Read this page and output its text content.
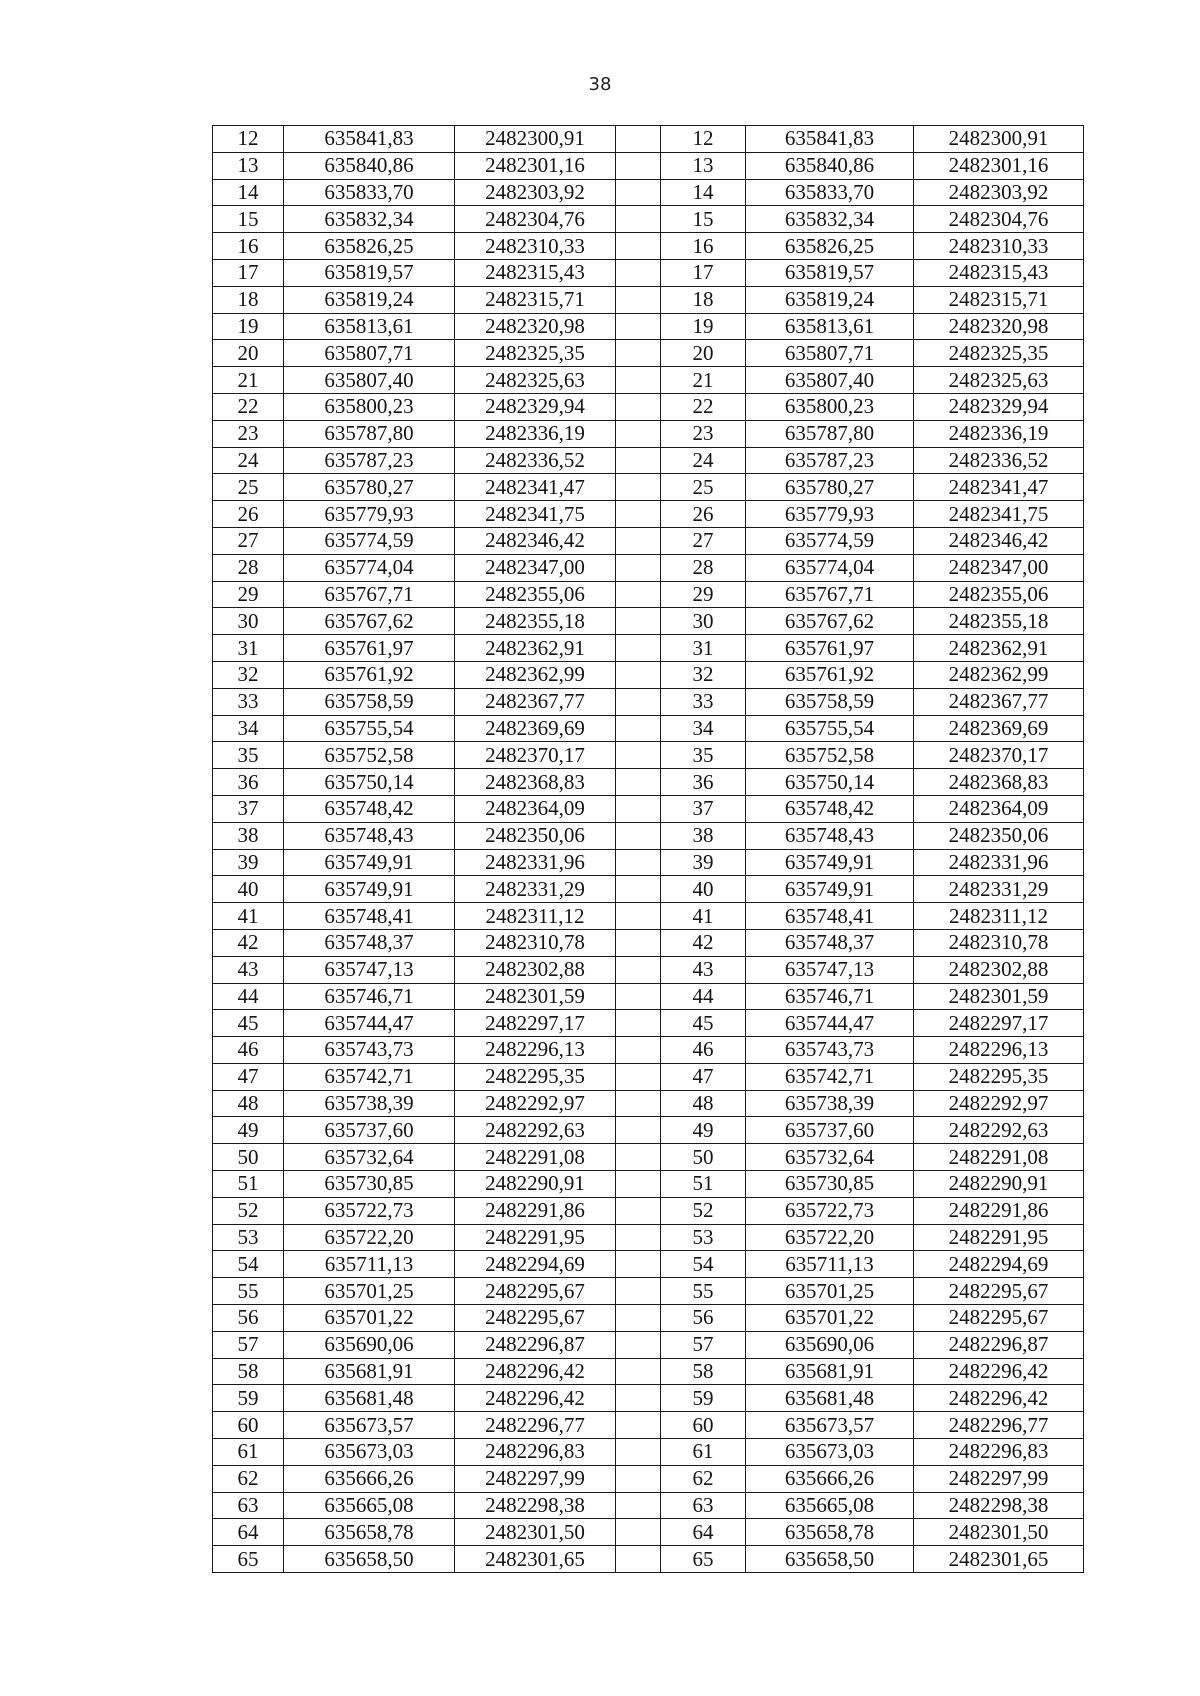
38
12	635841,83	2482300,91		12	635841,83	2482300,91
13	635840,86	2482301,16		13	635840,86	2482301,16
14	635833,70	2482303,92		14	635833,70	2482303,92
15	635832,34	2482304,76		15	635832,34	2482304,76
16	635826,25	2482310,33		16	635826,25	2482310,33
17	635819,57	2482315,43		17	635819,57	2482315,43
18	635819,24	2482315,71		18	635819,24	2482315,71
19	635813,61	2482320,98		19	635813,61	2482320,98
20	635807,71	2482325,35		20	635807,71	2482325,35
21	635807,40	2482325,63		21	635807,40	2482325,63
22	635800,23	2482329,94		22	635800,23	2482329,94
23	635787,80	2482336,19		23	635787,80	2482336,19
24	635787,23	2482336,52		24	635787,23	2482336,52
25	635780,27	2482341,47		25	635780,27	2482341,47
26	635779,93	2482341,75		26	635779,93	2482341,75
27	635774,59	2482346,42		27	635774,59	2482346,42
28	635774,04	2482347,00		28	635774,04	2482347,00
29	635767,71	2482355,06		29	635767,71	2482355,06
30	635767,62	2482355,18		30	635767,62	2482355,18
31	635761,97	2482362,91		31	635761,97	2482362,91
32	635761,92	2482362,99		32	635761,92	2482362,99
33	635758,59	2482367,77		33	635758,59	2482367,77
34	635755,54	2482369,69		34	635755,54	2482369,69
35	635752,58	2482370,17		35	635752,58	2482370,17
36	635750,14	2482368,83		36	635750,14	2482368,83
37	635748,42	2482364,09		37	635748,42	2482364,09
38	635748,43	2482350,06		38	635748,43	2482350,06
39	635749,91	2482331,96		39	635749,91	2482331,96
40	635749,91	2482331,29		40	635749,91	2482331,29
41	635748,41	2482311,12		41	635748,41	2482311,12
42	635748,37	2482310,78		42	635748,37	2482310,78
43	635747,13	2482302,88		43	635747,13	2482302,88
44	635746,71	2482301,59		44	635746,71	2482301,59
45	635744,47	2482297,17		45	635744,47	2482297,17
46	635743,73	2482296,13		46	635743,73	2482296,13
47	635742,71	2482295,35		47	635742,71	2482295,35
48	635738,39	2482292,97		48	635738,39	2482292,97
49	635737,60	2482292,63		49	635737,60	2482292,63
50	635732,64	2482291,08		50	635732,64	2482291,08
51	635730,85	2482290,91		51	635730,85	2482290,91
52	635722,73	2482291,86		52	635722,73	2482291,86
53	635722,20	2482291,95		53	635722,20	2482291,95
54	635711,13	2482294,69		54	635711,13	2482294,69
55	635701,25	2482295,67		55	635701,25	2482295,67
56	635701,22	2482295,67		56	635701,22	2482295,67
57	635690,06	2482296,87		57	635690,06	2482296,87
58	635681,91	2482296,42		58	635681,91	2482296,42
59	635681,48	2482296,42		59	635681,48	2482296,42
60	635673,57	2482296,77		60	635673,57	2482296,77
61	635673,03	2482296,83		61	635673,03	2482296,83
62	635666,26	2482297,99		62	635666,26	2482297,99
63	635665,08	2482298,38		63	635665,08	2482298,38
64	635658,78	2482301,50		64	635658,78	2482301,50
65	635658,50	2482301,65		65	635658,50	2482301,65
